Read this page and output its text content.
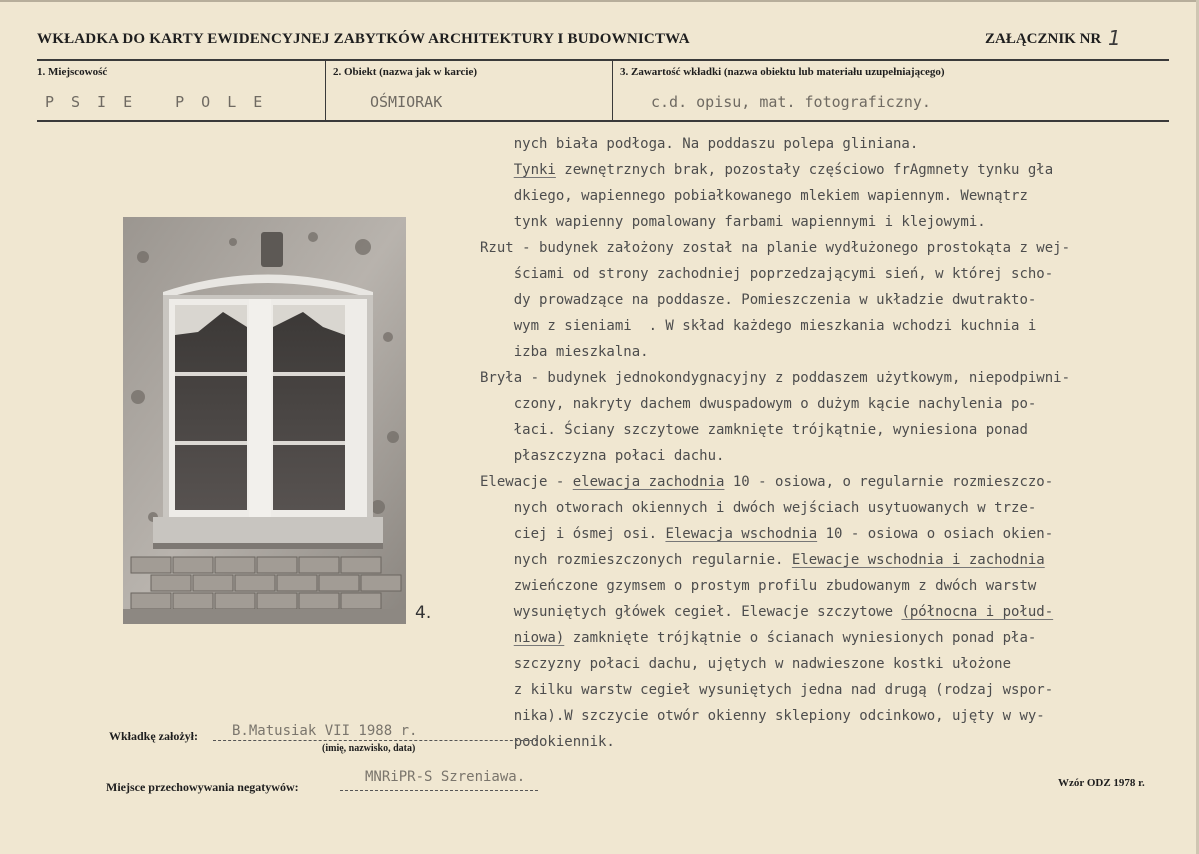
WKŁADKA DO KARTY EWIDENCYJNEJ ZABYTKÓW ARCHITEKTURY I BUDOWNICTWA	ZAŁĄCZNIK NR 1
1. Miejscowość	2. Obiekt (nazwa jak w karcie)	3. Zawartość wkładki (nazwa obiektu lub materiału uzupełniającego)
PSIE POLE	OŚMIORAK	c.d. opisu, mat. fotograficzny.
4.
nych biała podłoga. Na poddaszu polepa gliniana.
Tynki zewnętrznych brak, pozostały częściowo frAgmnety tynku gła
dkiego, wapiennego pobiałkowanego mlekiem wapiennym. Wewnątrz
tynk wapienny pomalowany farbami wapiennymi i klejowymi.
Rzut - budynek założony został na planie wydłużonego prostokąta z wej-
ściami od strony zachodniej poprzedzającymi sień, w której scho-
dy prowadzące na poddasze. Pomieszczenia w układzie dwutrakto-
wym z sieniami  . W skład każdego mieszkania wchodzi kuchnia i
izba mieszkalna.
Bryła - budynek jednokondygnacyjny z poddaszem użytkowym, niepodpiwni-
czony, nakryty dachem dwuspadowym o dużym kącie nachylenia po-
łaci. Ściany szczytowe zamknięte trójkątnie, wyniesiona ponad
płaszczyzna połaci dachu.
Elewacje - elewacja zachodnia 10 - osiowa, o regularnie rozmieszczo-
nych otworach okiennych i dwóch wejściach usytuowanych w trze-
ciej i ósmej osi. Elewacja wschodnia 10 - osiowa o osiach okien-
nych rozmieszczonych regularnie. Elewacje wschodnia i zachodnia
zwieńczone gzymsem o prostym profilu zbudowanym z dwóch warstw
wysuniętych główek cegieł. Elewacje szczytowe (północna i połud-
niowa) zamknięte trójkątnie o ścianach wyniesionych ponad pła-
szczyzny połaci dachu, ujętych w nadwieszone kostki ułożone
z kilku warstw cegieł wysuniętych jedna nad drugą (rodzaj wspor-
nika).W szczycie otwór okienny sklepiony odcinkowo, ujęty w wy-
podokiennik.
Wkładkę założył: B.Matusiak VII 1988 r.
(imię, nazwisko, data)
Miejsce przechowywania negatywów:
MNRiPR-S Szreniawa.	Wzór ODZ 1978 r.
